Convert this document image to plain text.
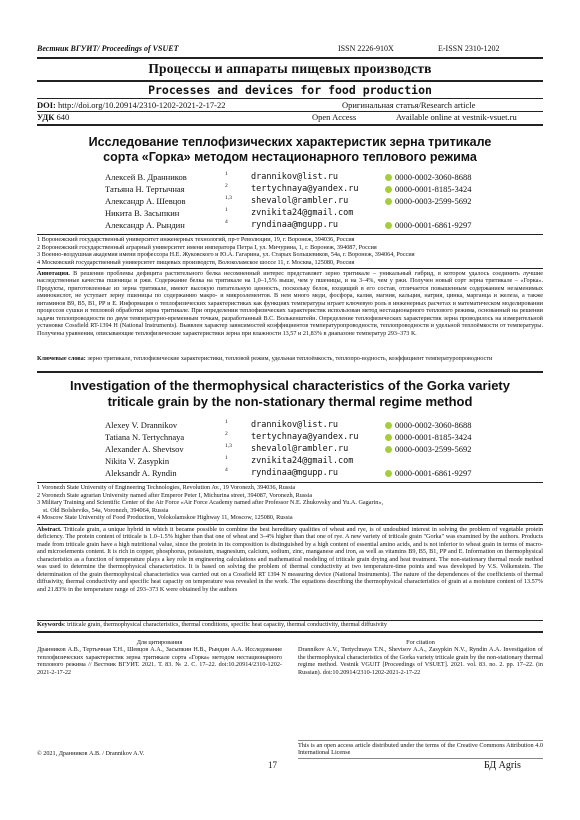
Вестник ВГУИТ/ Proceedings of VSUET	ISSN 2226-910X	E-ISSN 2310-1202
Процессы и аппараты пищевых производств
Processes and devices for food production
DOI: http://doi.org/10.20914/2310-1202-2021-2-17-22	Оригинальная статья/Research article
УДК 640	Open Access	Available online at vestnik-vsuet.ru
Исследование теплофизических характеристик зерна тритикале
сорта «Горка» методом нестационарного теплового режима
Алексей В. Дранников	1	drannikov@list.ru	0000-0002-3060-8688
Татьяна Н. Тертычная	2	tertychnaya@yandex.ru	0000-0001-8185-3424
Александр А. Шевцов	1,3 shevalol@rambler.ru	0000-0003-2599-5692
Никита В. Засыпкин	1	zvnikita24@gmail.com
Александр А. Рындин	4	ryndinaa@mgupp.ru	0000-0001-6861-9297
1 Воронежский государственный университет инженерных технологий, пр-т Революции, 19, г. Воронеж, 394036, Россия
2 Воронежский государственный аграрный университет имени императора Петра I, ул. Мичурина, 1, г. Воронеж, 394087, Россия
3 Военно-воздушная академия имени профессора Н.Е. Жуковского и Ю.А. Гагарина, ул. Старых Большевиков, 54а, г. Воронеж, 394064, Россия
4 Московский государственный университет пищевых производств, Волоколамское шоссе 11, г. Москва, 125080, Россия
Аннотация. В решении проблемы дефицита растительного белка несомненный интерес представляет зерно тритикале – уникальный гибрид, в котором удалось соединить лучшие наследственные качества пшеницы и ржи. Содержание белка на тритикале на 1,0–1,5% выше, чем у пшеницы, и на 3–4%, чем у ржи. Получен новый сорт зерна тритикале – «Горка». Продукты, приготовленные из зерна тритикале, имеют высокую питательную ценность, поскольку белок, входящий в его состав, отличается повышенным содержанием незаменимых аминокислот, не уступает зерну пшеницы по содержанию макро- и микроэлементов. В нем много меди, фосфора, калия, магния, кальция, натрия, цинка, марганца и железа, а также витаминов В9, В5, В1, РР и Е. Информация о теплофизических характеристиках как функциях температуры играет ключевую роль в инженерных расчетах и математическом моделировании процессов сушки и тепловой обработки зерна тритикале. При определении теплофизических характеристик использован метод нестационарного теплового режима, основанный на решении задачи теплопроводности по двум температурно-временным точкам, разработанный В.С. Волькенштейн. Определение теплофизических характеристик зерна проводилось на измерительной установке Cossfield RT-1394 H (National Instruments). Выявлен характер зависимостей коэффициентов температуропроводности, теплопроводности и удельной теплоёмкости от температуры. Получены уравнения, описывающие теплофизические характеристики зерна при влажности 13,57 и 21,83% в диапазоне температур 293–373 К.
Ключевые слова: зерно тритикале, теплофизические характеристики, тепловой режим, удельная теплоёмкость, теплопро-водность, коэффициент температуропроводности
Investigation of the thermophysical characteristics of the Gorka variety
triticale grain by the non-stationary thermal regime method
Alexey V. Drannikov	1	drannikov@list.ru	0000-0002-3060-8688
Tatiana N. Tertychnaya	2	tertychnaya@yandex.ru	0000-0001-8185-3424
Alexander A. Shevtsov	1,3 shevalol@rambler.ru	0000-0003-2599-5692
Nikita V. Zasypkin	1	zvnikita24@gmail.com
Aleksandr A. Ryndin	4	ryndinaa@mgupp.ru	0000-0001-6861-9297
1 Voronezh State University of Engineering Technologies, Revolution Av., 19 Voronezh, 394036, Russia
2 Voronezh State agrarian University named after Emperor Peter I, Michurina street, 394087, Voronezh, Russia
3 Military Training and Scientific Center of the Air Force «Air Force Academy named after Professor N.E. Zhukovsky and Yu.A. Gagarin»,
st. Old Bolsheviks, 54a, Voronezh, 394064, Russia
4 Moscow State University of Food Production, Volokolamskoe Highway 11, Moscow, 125080, Russia
Abstract. Triticale grain, a unique hybrid in which it became possible to combine the best hereditary qualities of wheat and rye, is of undoubted interest in solving the problem of vegetable protein deficiency. The protein content of triticale is 1.0–1.5% higher than that one of wheat and 3–4% higher than that one of rye. A new variety of triticale grain "Gorka" was examined by the authors. Products made from triticale grain have a high nutritional value, since the protein in its composition is distinguished by a high content of essential amino acids, and is not inferior to wheat grain in terms of macro- and microelements content. It is rich in copper, phosphorus, potassium, magnesium, calcium, sodium, zinc, manganese and iron, as well as vitamins B9, B5, B1, PP and E. Information on thermophysical characteristics as a function of temperature plays a key role in engineering calculations and mathematical modeling of triticale grain drying and heat treatment. The non-stationary thermal mode method was used to determine the thermophysical characteristics. It is based on solving the problem of thermal conductivity at two temperature-time points and was developed by V.S. Volkenstein. The determination of the grain thermophysical characteristics was carried out on a Cossfield RT 1394 N measuring device (National Instruments). The nature of the dependences of the coefficients of thermal diffusivity, thermal conductivity and specific heat capacity on temperature was revealed in the work. The equations describing the thermophysical characteristics of grain at a moisture content of 13.57% and 21.83% in the temperature range of 293–373 K were obtained by the authors
Keywords: triticale grain, thermophysical characteristics, thermal conditions, specific heat capacity, thermal conductivity, thermal diffusivity
Для цитирования
Дранников А.В., Тертычная Т.Н., Шевцов А.А., Засыпкин Н.В., Рындин А.А. Исследование теплофизических характеристик зерна тритикале сорта «Горка» методом нестационарного теплового режима // Вестник ВГУИТ. 2021. Т. 83. № 2. С. 17–22. doi:10.20914/2310-1202-2021-2-17-22
For citation
Drannikov A.V., Tertychnaya T.N., Shevtsov A.A., Zasypkin N.V., Ryndin A.A. Investigation of the thermophysical characteristics of the Gorka variety triticale grain by the non-stationary thermal regime method. Vestnik VGUIT [Proceedings of VSUET]. 2021. vol. 83. no. 2. pp. 17–22. (in Russian). doi:10.20914/2310-1202-2021-2-17-22
© 2021, Дранников А.В. / Drannikov A.V.
This is an open access article distributed under the terms of the Creative Commons Attribution 4.0 International License
17	БД Agris
